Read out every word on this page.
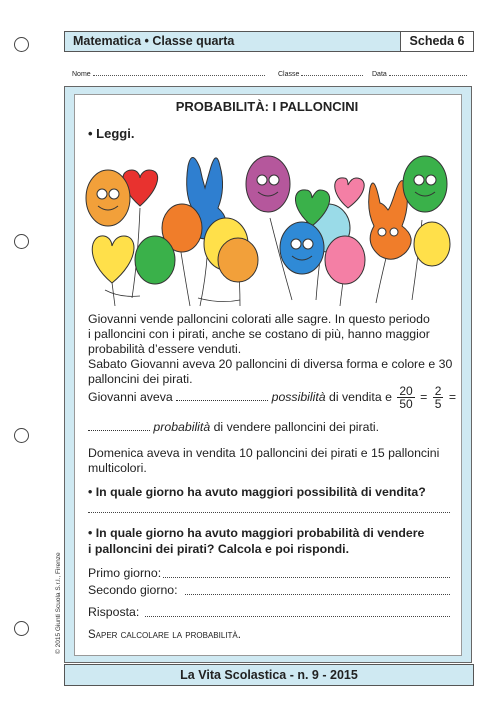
Matematica • Classe quarta	Scheda 6
Nome	Classe	Data
PROBABILITÀ: I PALLONCINI
• Leggi.
Giovanni vende palloncini colorati alle sagre. In questo periodo
i palloncini con i pirati, anche se costano di più, hanno maggior
probabilità d’essere venduti.
Sabato Giovanni aveva 20 palloncini di diversa forma e colore e 30
palloncini dei pirati.
Giovanni aveva	possibilità di vendita e $\frac{20}{50} = \frac{2}{5}$ =
probabilità di vendere palloncini dei pirati.
Domenica aveva in vendita 10 palloncini dei pirati e 15 palloncini
multicolori.
• In quale giorno ha avuto maggiori possibilità di vendita?
• In quale giorno ha avuto maggiori probabilità di vendere
i palloncini dei pirati? Calcola e poi rispondi.
Primo giorno:
Secondo giorno:
Risposta:
Saper calcolare la probabilità.
© 2015 Giunti Scuola S.r.l., Firenze
La Vita Scolastica - n. 9 - 2015
